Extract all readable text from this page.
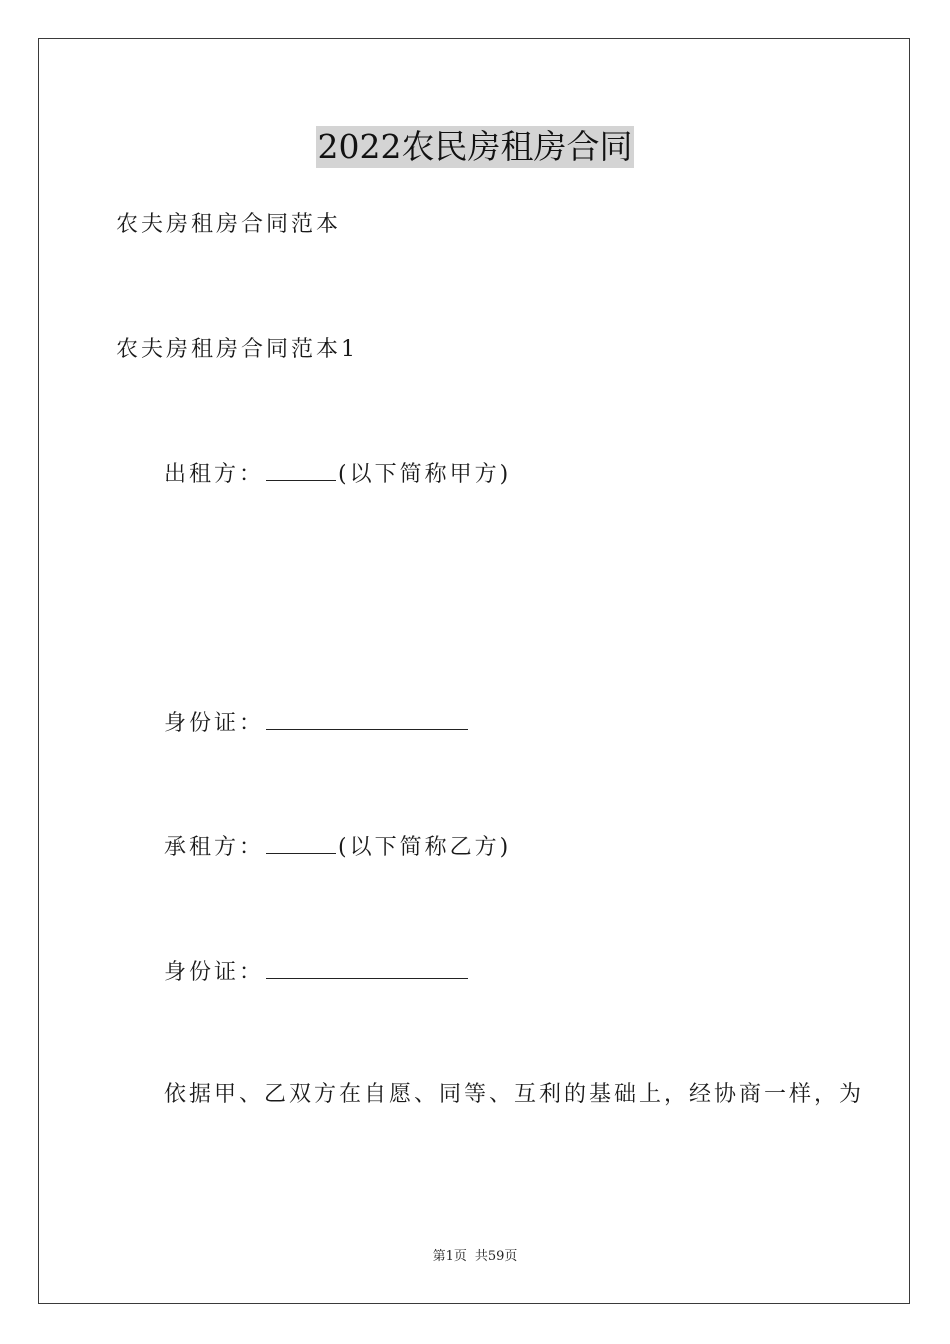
2022农民房租房合同
农夫房租房合同范本
农夫房租房合同范本1
出租方：	(以下简称甲方)
身份证：
承租方：	(以下简称乙方)
身份证：
依据甲、乙双方在自愿、同等、互利的基础上，经协商一样，为
第1页 共59页
